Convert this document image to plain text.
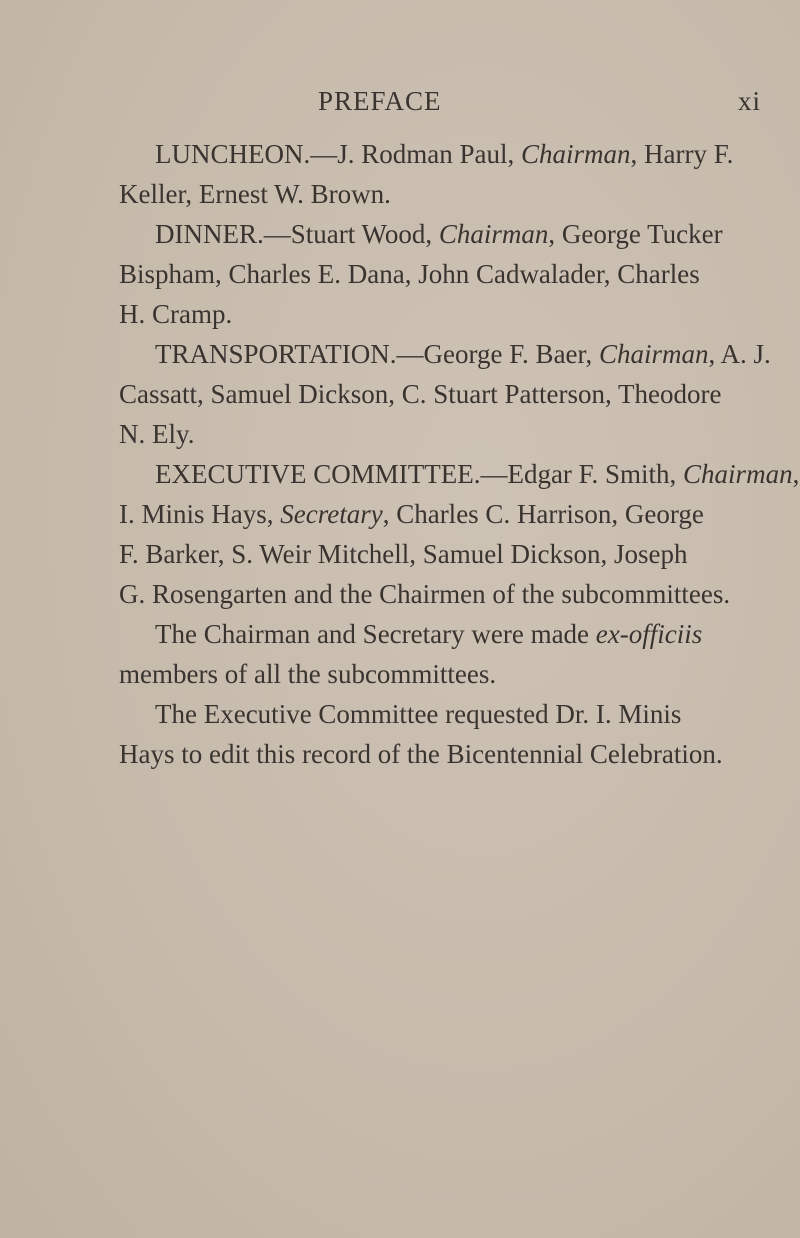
PREFACE	xi
LUNCHEON.—J. Rodman Paul, Chairman, Harry F.
Keller, Ernest W. Brown.
DINNER.—Stuart Wood, Chairman, George Tucker
Bispham, Charles E. Dana, John Cadwalader, Charles
H. Cramp.
TRANSPORTATION.—George F. Baer, Chairman, A. J.
Cassatt, Samuel Dickson, C. Stuart Patterson, Theodore
N. Ely.
EXECUTIVE COMMITTEE.—Edgar F. Smith, Chairman,
I. Minis Hays, Secretary, Charles C. Harrison, George
F. Barker, S. Weir Mitchell, Samuel Dickson, Joseph
G. Rosengarten and the Chairmen of the subcommittees.
The Chairman and Secretary were made ex-officiis
members of all the subcommittees.
The Executive Committee requested Dr. I. Minis
Hays to edit this record of the Bicentennial Celebration.
